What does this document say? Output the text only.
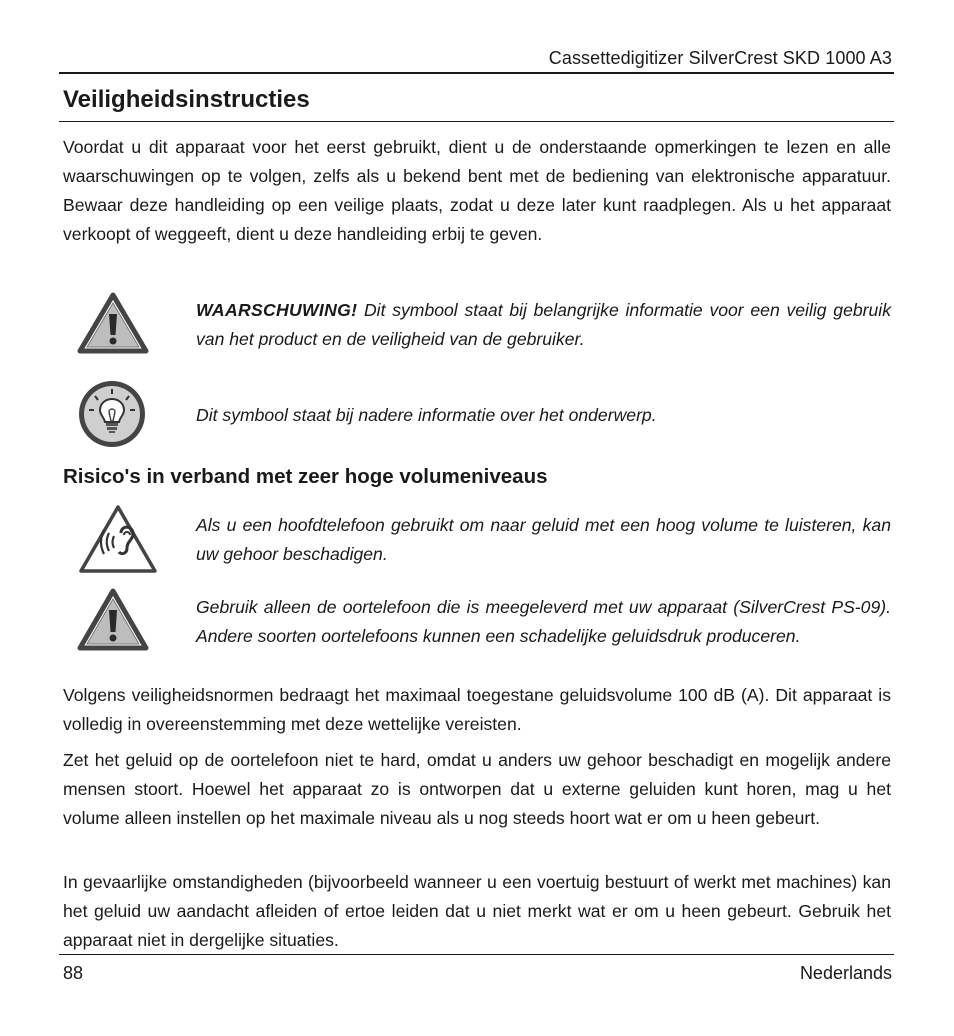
Cassettedigitizer SilverCrest SKD 1000 A3
Veiligheidsinstructies

Voordat u dit apparaat voor het eerst gebruikt, dient u de onderstaande opmerkingen te lezen en alle waarschuwingen op te volgen, zelfs als u bekend bent met de bediening van elektronische apparatuur. Bewaar deze handleiding op een veilige plaats, zodat u deze later kunt raadplegen. Als u het apparaat verkoopt of weggeeft, dient u deze handleiding erbij te geven.

WAARSCHUWING! Dit symbool staat bij belangrijke informatie voor een veilig gebruik van het product en de veiligheid van de gebruiker.

Dit symbool staat bij nadere informatie over het onderwerp.

Risico's in verband met zeer hoge volumeniveaus

Als u een hoofdtelefoon gebruikt om naar geluid met een hoog volume te luisteren, kan uw gehoor beschadigen.

Gebruik alleen de oortelefoon die is meegeleverd met uw apparaat (SilverCrest PS-09). Andere soorten oortelefoons kunnen een schadelijke geluidsdruk produceren.

Volgens veiligheidsnormen bedraagt het maximaal toegestane geluidsvolume 100 dB (A). Dit apparaat is volledig in overeenstemming met deze wettelijke vereisten.

Zet het geluid op de oortelefoon niet te hard, omdat u anders uw gehoor beschadigt en mogelijk andere mensen stoort. Hoewel het apparaat zo is ontworpen dat u externe geluiden kunt horen, mag u het volume alleen instellen op het maximale niveau als u nog steeds hoort wat er om u heen gebeurt.

In gevaarlijke omstandigheden (bijvoorbeeld wanneer u een voertuig bestuurt of werkt met machines) kan het geluid uw aandacht afleiden of ertoe leiden dat u niet merkt wat er om u heen gebeurt. Gebruik het apparaat niet in dergelijke situaties.

88	Nederlands
